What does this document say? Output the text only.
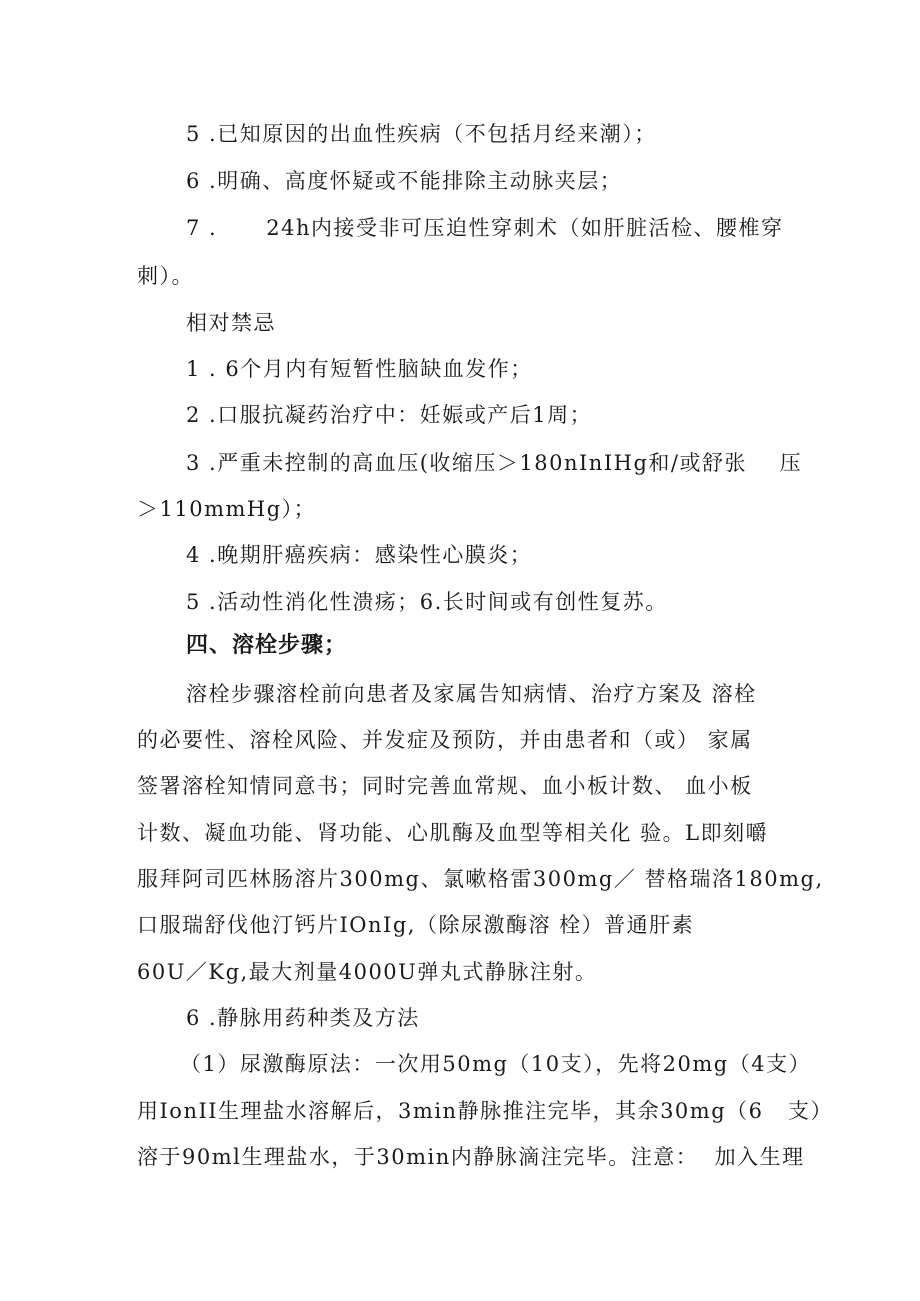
5 .已知原因的出血性疾病（不包括月经来潮）；
6 .明确、高度怀疑或不能排除主动脉夹层；
7 .      24h内接受非可压迫性穿刺术（如肝脏活检、腰椎穿
刺）。
相对禁忌
1 . 6个月内有短暂性脑缺血发作；
2 .口服抗凝药治疗中：妊娠或产后1周；
3 .严重未控制的高血压(收缩压＞180nInIHg和/或舒张    压
＞110mmHg）；
4 .晚期肝癌疾病：感染性心膜炎；
5 .活动性消化性溃疡；6.长时间或有创性复苏。
四、溶栓步骤；
溶栓步骤溶栓前向患者及家属告知病情、治疗方案及 溶栓
的必要性、溶栓风险、并发症及预防，并由患者和（或） 家属
签署溶栓知情同意书；同时完善血常规、血小板计数、 血小板
计数、凝血功能、肾功能、心肌酶及血型等相关化 验。L即刻嚼
服拜阿司匹林肠溶片300mg、氯嗽格雷300mg／ 替格瑞洛180mg,
口服瑞舒伐他汀钙片IOnIg,（除尿激酶溶 栓）普通肝素
60U／Kg,最大剂量4000U弹丸式静脉注射。
6 .静脉用药种类及方法
（1）尿激酶原法：一次用50mg（10支），先将20mg（4支）
用IonII生理盐水溶解后，3min静脉推注完毕，其余30mg（6   支）
溶于90ml生理盐水，于30min内静脉滴注完毕。注意：  加入生理
